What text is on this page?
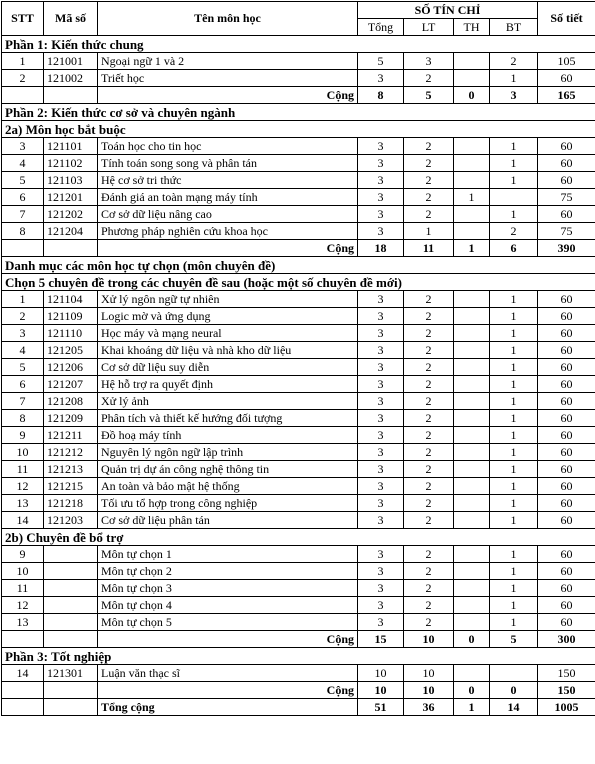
STT	Mã số	Tên môn học	SỐ TÍN CHỈ				Số tiết
			Tổng	LT	TH	BT	
Phần 1: Kiến thức chung							
1	121001	Ngoại ngữ 1 và 2	5	3		2	105
2	121002	Triết học	3	2		1	60
		Cộng	8	5	0	3	165
Phần 2: Kiến thức cơ sở và chuyên ngành							
2a) Môn học bắt buộc							
3	121101	Toán học cho tin học	3	2		1	60
4	121102	Tính toán song song và phân tán	3	2		1	60
5	121103	Hệ cơ sở tri thức	3	2		1	60
6	121201	Đánh giá an toàn mạng máy tính	3	2	1		75
7	121202	Cơ sở dữ liệu nâng cao	3	2		1	60
8	121204	Phương pháp nghiên cứu khoa học	3	1		2	75
		Cộng	18	11	1	6	390
Danh mục các môn học tự chọn (môn chuyên đề)							
Chọn 5 chuyên đề trong các chuyên đề sau (hoặc một số chuyên đề mới)							
1	121104	Xử lý ngôn ngữ tự nhiên	3	2		1	60
2	121109	Logic mờ và ứng dụng	3	2		1	60
3	121110	Học máy và mạng neural	3	2		1	60
4	121205	Khai khoáng dữ liệu và nhà kho dữ liệu	3	2		1	60
5	121206	Cơ sở dữ liệu suy diễn	3	2		1	60
6	121207	Hệ hỗ trợ ra quyết định	3	2		1	60
7	121208	Xử lý ảnh	3	2		1	60
8	121209	Phân tích và thiết kế hướng đối tượng	3	2		1	60
9	121211	Đồ hoạ máy tính	3	2		1	60
10	121212	Nguyên lý ngôn ngữ lập trình	3	2		1	60
11	121213	Quản trị dự án công nghệ thông tin	3	2		1	60
12	121215	An toàn và bảo mật hệ thống	3	2		1	60
13	121218	Tối ưu tổ hợp trong công nghiệp	3	2		1	60
14	121203	Cơ sở dữ liệu phân tán	3	2		1	60
2b) Chuyên đề bổ trợ							
9		Môn tự chọn 1	3	2		1	60
10		Môn tự chọn 2	3	2		1	60
11		Môn tự chọn 3	3	2		1	60
12		Môn tự chọn 4	3	2		1	60
13		Môn tự chọn 5	3	2		1	60
		Cộng	15	10	0	5	300
Phần 3: Tốt nghiệp							
14	121301	Luận văn thạc sĩ	10	10			150
		Cộng	10	10	0	0	150
		Tổng cộng	51	36	1	14	1005
